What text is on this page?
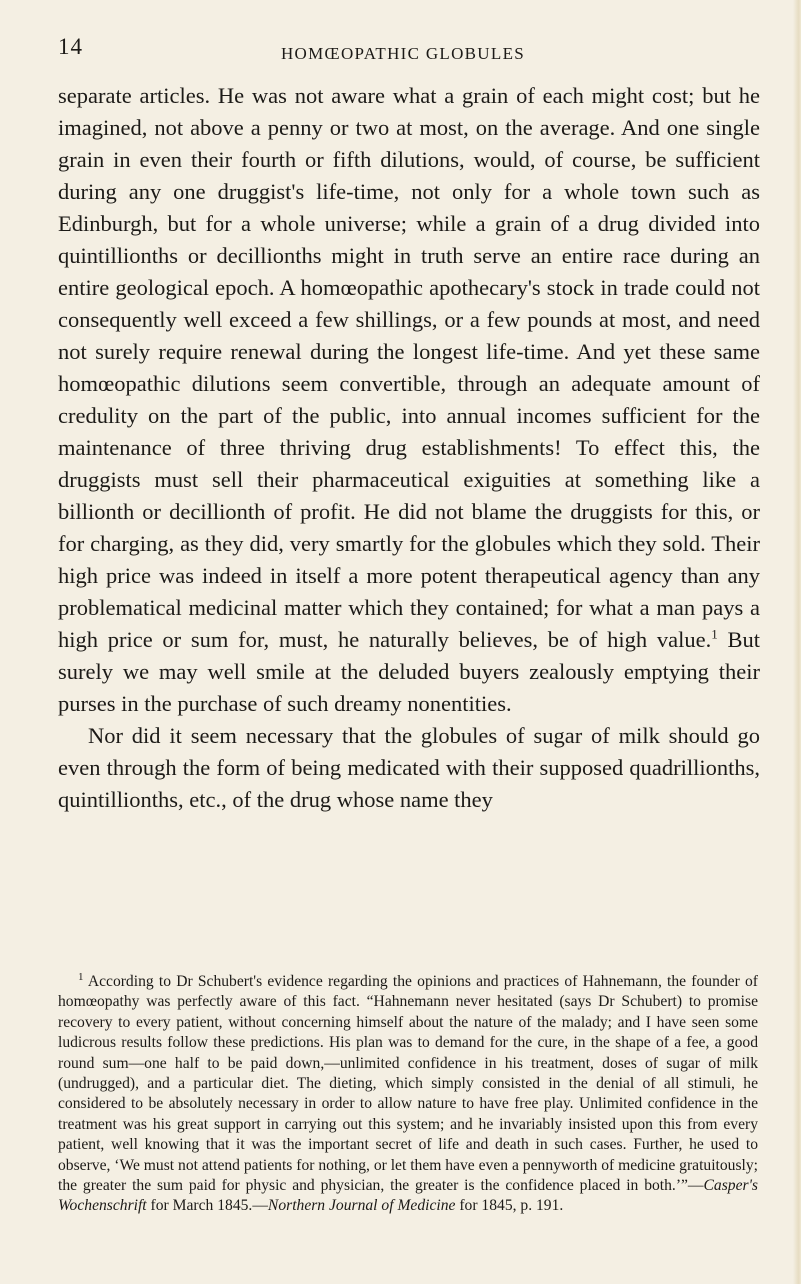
14	HOMŒOPATHIC GLOBULES

separate articles. He was not aware what a grain of each might cost; but he imagined, not above a penny or two at most, on the average. And one single grain in even their fourth or fifth dilutions, would, of course, be sufficient during any one druggist's life-time, not only for a whole town such as Edinburgh, but for a whole universe; while a grain of a drug divided into quintillionths or decillionths might in truth serve an entire race during an entire geological epoch. A homœopathic apothecary's stock in trade could not consequently well exceed a few shillings, or a few pounds at most, and need not surely require renewal during the longest life-time. And yet these same homœopathic dilutions seem convertible, through an adequate amount of credulity on the part of the public, into annual incomes sufficient for the maintenance of three thriving drug establishments! To effect this, the druggists must sell their pharmaceutical exiguities at something like a billionth or decillionth of profit. He did not blame the druggists for this, or for charging, as they did, very smartly for the globules which they sold. Their high price was indeed in itself a more potent therapeutical agency than any problematical medicinal matter which they contained; for what a man pays a high price or sum for, must, he naturally believes, be of high value.$^1$ But surely we may well smile at the deluded buyers zealously emptying their purses in the purchase of such dreamy nonentities.

Nor did it seem necessary that the globules of sugar of milk should go even through the form of being medicated with their supposed quadrillionths, quintillionths, etc., of the drug whose name they

$^1$ According to Dr Schubert's evidence regarding the opinions and practices of Hahnemann, the founder of homœopathy was perfectly aware of this fact. “Hahnemann never hesitated (says Dr Schubert) to promise recovery to every patient, without concerning himself about the nature of the malady; and I have seen some ludicrous results follow these predictions. His plan was to demand for the cure, in the shape of a fee, a good round sum—one half to be paid down,—unlimited confidence in his treatment, doses of sugar of milk (undrugged), and a particular diet. The dieting, which simply consisted in the denial of all stimuli, he considered to be absolutely necessary in order to allow nature to have free play. Unlimited confidence in the treatment was his great support in carrying out this system; and he invariably insisted upon this from every patient, well knowing that it was the important secret of life and death in such cases. Further, he used to observe, ‘We must not attend patients for nothing, or let them have even a pennyworth of medicine gratuitously; the greater the sum paid for physic and physician, the greater is the confidence placed in both.’”—Casper's Wochenschrift for March 1845.—Northern Journal of Medicine for 1845, p. 191.
